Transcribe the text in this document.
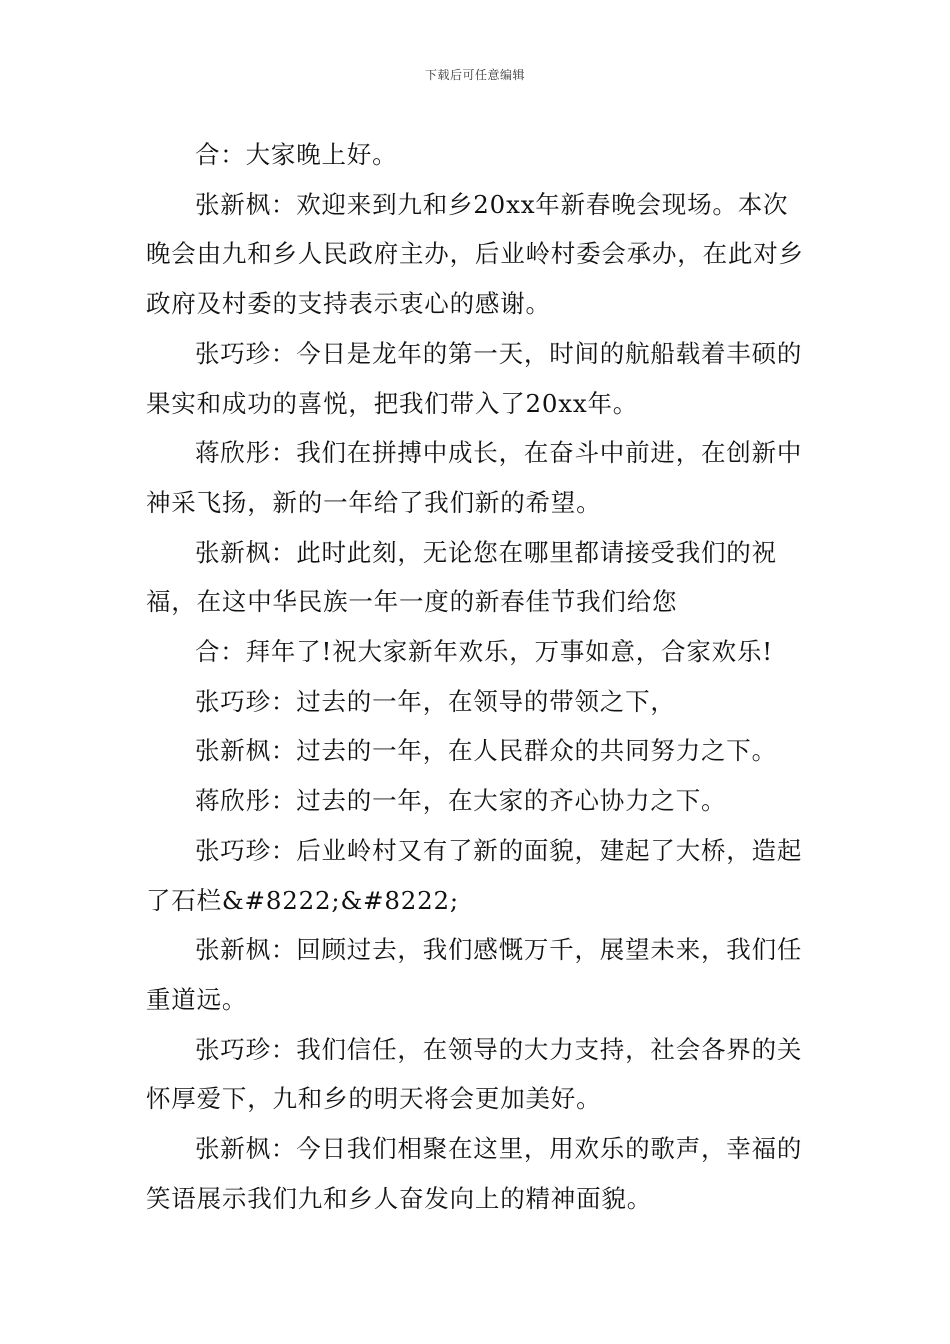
下载后可任意编辑

合：大家晚上好。

张新枫：欢迎来到九和乡20xx年新春晚会现场。本次晚会由九和乡人民政府主办，后业岭村委会承办，在此对乡政府及村委的支持表示衷心的感谢。

张巧珍：今日是龙年的第一天，时间的航船载着丰硕的果实和成功的喜悦，把我们带入了20xx年。

蒋欣彤：我们在拼搏中成长，在奋斗中前进，在创新中神采飞扬，新的一年给了我们新的希望。

张新枫：此时此刻，无论您在哪里都请接受我们的祝福，在这中华民族一年一度的新春佳节我们给您

合：拜年了!祝大家新年欢乐，万事如意，合家欢乐!

张巧珍：过去的一年，在领导的带领之下，

张新枫：过去的一年，在人民群众的共同努力之下。

蒋欣彤：过去的一年，在大家的齐心协力之下。

张巧珍：后业岭村又有了新的面貌，建起了大桥，造起了石栏&#8222;&#8222;

张新枫：回顾过去，我们感慨万千，展望未来，我们任重道远。

张巧珍：我们信任，在领导的大力支持，社会各界的关怀厚爱下，九和乡的明天将会更加美好。

张新枫：今日我们相聚在这里，用欢乐的歌声，幸福的笑语展示我们九和乡人奋发向上的精神面貌。
